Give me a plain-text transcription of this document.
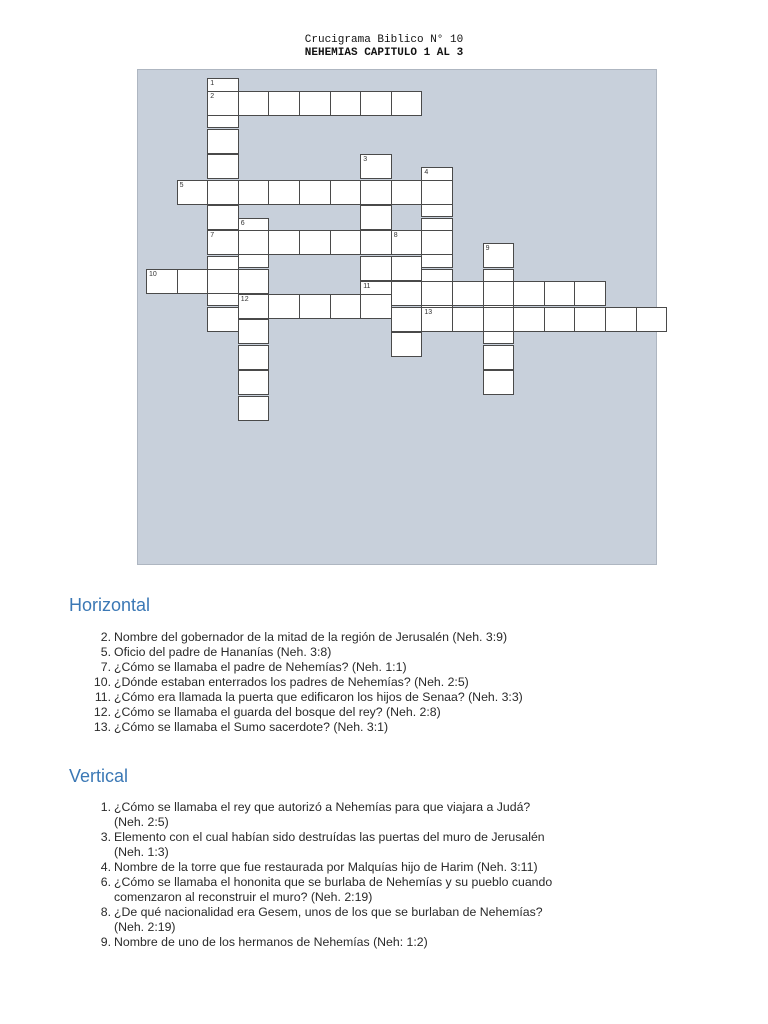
Crucigrama Biblico N° 10
NEHEMIAS CAPITULO 1 AL 3
1
7
2
3
4
5
6
12
8
9
10
11
13
Horizontal
2. Nombre del gobernador de la mitad de la región de Jerusalén (Neh. 3:9)
5. Oficio del padre de Hananías (Neh. 3:8)
7. ¿Cómo se llamaba el padre de Nehemías? (Neh. 1:1)
10. ¿Dónde estaban enterrados los padres de Nehemías? (Neh. 2:5)
11. ¿Cómo era llamada la puerta que edificaron los hijos de Senaa? (Neh. 3:3)
12. ¿Cómo se llamaba el guarda del bosque del rey? (Neh. 2:8)
13. ¿Cómo se llamaba el Sumo sacerdote? (Neh. 3:1)
Vertical
1. ¿Cómo se llamaba el rey que autorizó a Nehemías para que viajara a Judá?
(Neh. 2:5)
3. Elemento con el cual habían sido destruídas las puertas del muro de Jerusalén
(Neh. 1:3)
4. Nombre de la torre que fue restaurada por Malquías hijo de Harim (Neh. 3:11)
6. ¿Cómo se llamaba el hononita que se burlaba de Nehemías y su pueblo cuando
comenzaron al reconstruir el muro? (Neh. 2:19)
8. ¿De qué nacionalidad era Gesem, unos de los que se burlaban de Nehemías?
(Neh. 2:19)
9. Nombre de uno de los hermanos de Nehemías (Neh: 1:2)
